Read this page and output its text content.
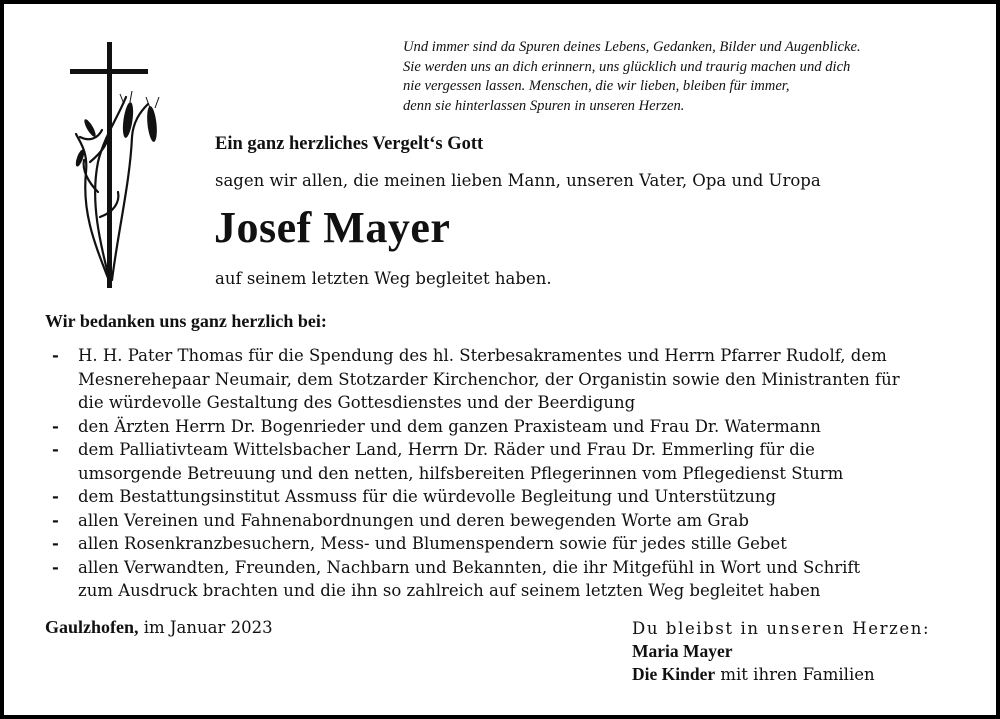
Und immer sind da Spuren deines Lebens, Gedanken, Bilder und Augenblicke.
Sie werden uns an dich erinnern, uns glücklich und traurig machen und dich
nie vergessen lassen. Menschen, die wir lieben, bleiben für immer,
denn sie hinterlassen Spuren in unseren Herzen.
Ein ganz herzliches Vergelt‘s Gott
sagen wir allen, die meinen lieben Mann, unseren Vater, Opa und Uropa
Josef Mayer
auf seinem letzten Weg begleitet haben.
Wir bedanken uns ganz herzlich bei:
- H. H. Pater Thomas für die Spendung des hl. Sterbesakramentes und Herrn Pfarrer Rudolf, dem
Mesnerehepaar Neumair, dem Stotzarder Kirchenchor, der Organistin sowie den Ministranten für
die würdevolle Gestaltung des Gottesdienstes und der Beerdigung
- den Ärzten Herrn Dr. Bogenrieder und dem ganzen Praxisteam und Frau Dr. Watermann
- dem Palliativteam Wittelsbacher Land, Herrn Dr. Räder und Frau Dr. Emmerling für die
umsorgende Betreuung und den netten, hilfsbereiten Pflegerinnen vom Pflegedienst Sturm
- dem Bestattungsinstitut Assmuss für die würdevolle Begleitung und Unterstützung
- allen Vereinen und Fahnenabordnungen und deren bewegenden Worte am Grab
- allen Rosenkranzbesuchern, Mess- und Blumenspendern sowie für jedes stille Gebet
- allen Verwandten, Freunden, Nachbarn und Bekannten, die ihr Mitgefühl in Wort und Schrift
zum Ausdruck brachten und die ihn so zahlreich auf seinem letzten Weg begleitet haben
Gaulzhofen, im Januar 2023	Du bleibst in unseren Herzen:
Maria Mayer
Die Kinder mit ihren Familien
